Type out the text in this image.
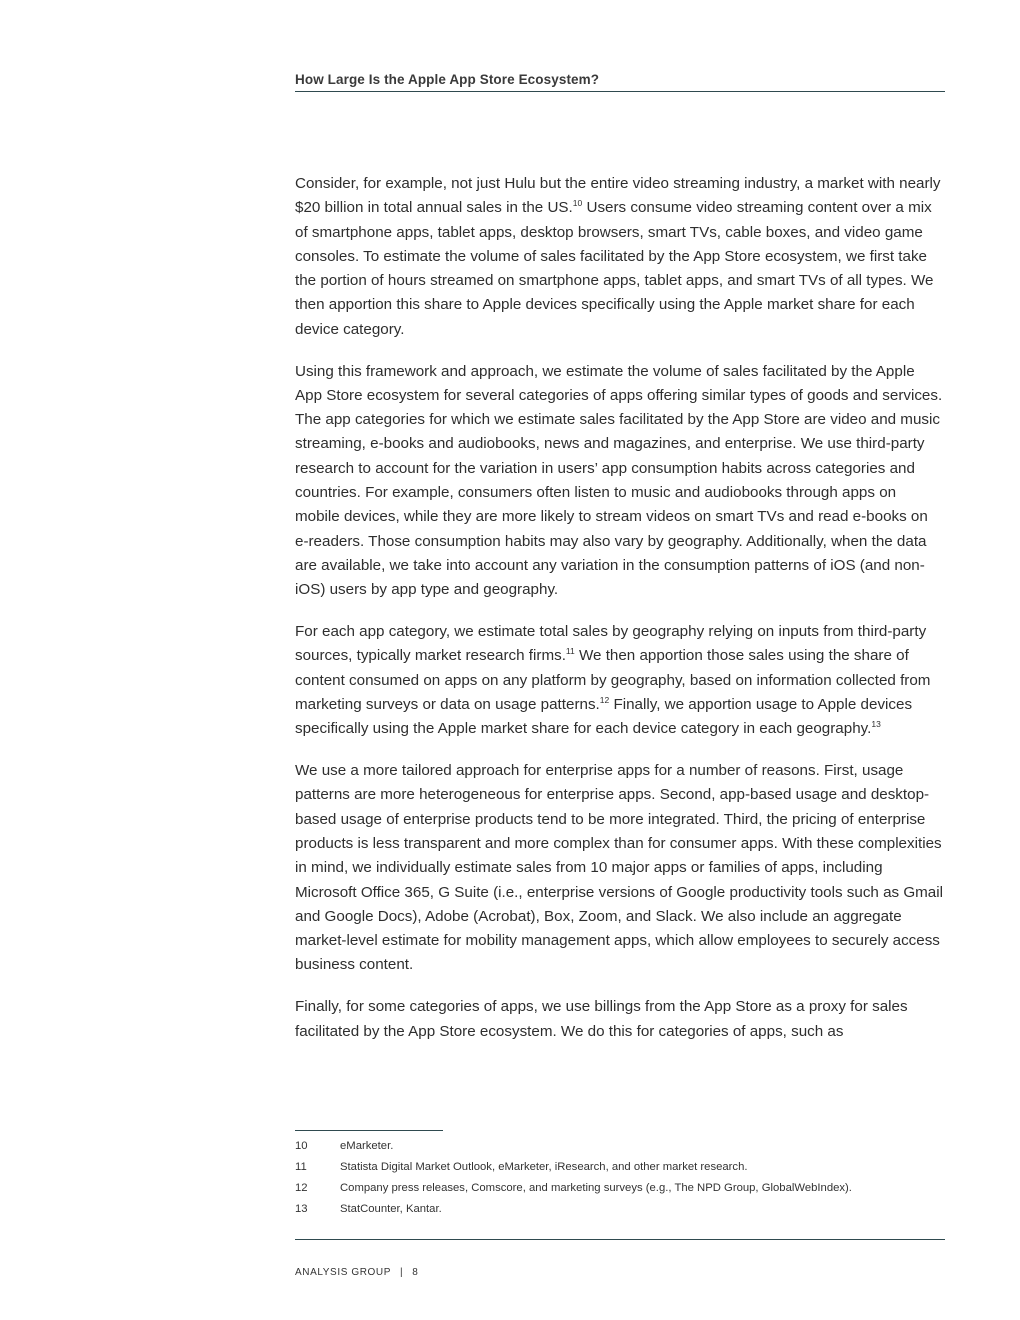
How Large Is the Apple App Store Ecosystem?

Consider, for example, not just Hulu but the entire video streaming industry, a market with nearly $20 billion in total annual sales in the US.$^{10}$ Users consume video streaming content over a mix of smartphone apps, tablet apps, desktop browsers, smart TVs, cable boxes, and video game consoles. To estimate the volume of sales facilitated by the App Store ecosystem, we first take the portion of hours streamed on smartphone apps, tablet apps, and smart TVs of all types. We then apportion this share to Apple devices specifically using the Apple market share for each device category.

Using this framework and approach, we estimate the volume of sales facilitated by the Apple App Store ecosystem for several categories of apps offering similar types of goods and services. The app categories for which we estimate sales facilitated by the App Store are video and music streaming, e-books and audiobooks, news and magazines, and enterprise. We use third-party research to account for the variation in users’ app consumption habits across categories and countries. For example, consumers often listen to music and audiobooks through apps on mobile devices, while they are more likely to stream videos on smart TVs and read e-books on e-readers. Those consumption habits may also vary by geography. Additionally, when the data are available, we take into account any variation in the consumption patterns of iOS (and non-iOS) users by app type and geography.

For each app category, we estimate total sales by geography relying on inputs from third-party sources, typically market research firms.$^{11}$ We then apportion those sales using the share of content consumed on apps on any platform by geography, based on information collected from marketing surveys or data on usage patterns.$^{12}$ Finally, we apportion usage to Apple devices specifically using the Apple market share for each device category in each geography.$^{13}$

We use a more tailored approach for enterprise apps for a number of reasons. First, usage patterns are more heterogeneous for enterprise apps. Second, app-based usage and desktop-based usage of enterprise products tend to be more integrated. Third, the pricing of enterprise products is less transparent and more complex than for consumer apps. With these complexities in mind, we individually estimate sales from 10 major apps or families of apps, including Microsoft Office 365, G Suite (i.e., enterprise versions of Google productivity tools such as Gmail and Google Docs), Adobe (Acrobat), Box, Zoom, and Slack. We also include an aggregate market-level estimate for mobility management apps, which allow employees to securely access business content.

Finally, for some categories of apps, we use billings from the App Store as a proxy for sales facilitated by the App Store ecosystem. We do this for categories of apps, such as

10	eMarketer.
11	Statista Digital Market Outlook, eMarketer, iResearch, and other market research.
12	Company press releases, Comscore, and marketing surveys (e.g., The NPD Group, GlobalWebIndex).
13	StatCounter, Kantar.
ANALYSIS GROUP | 8
